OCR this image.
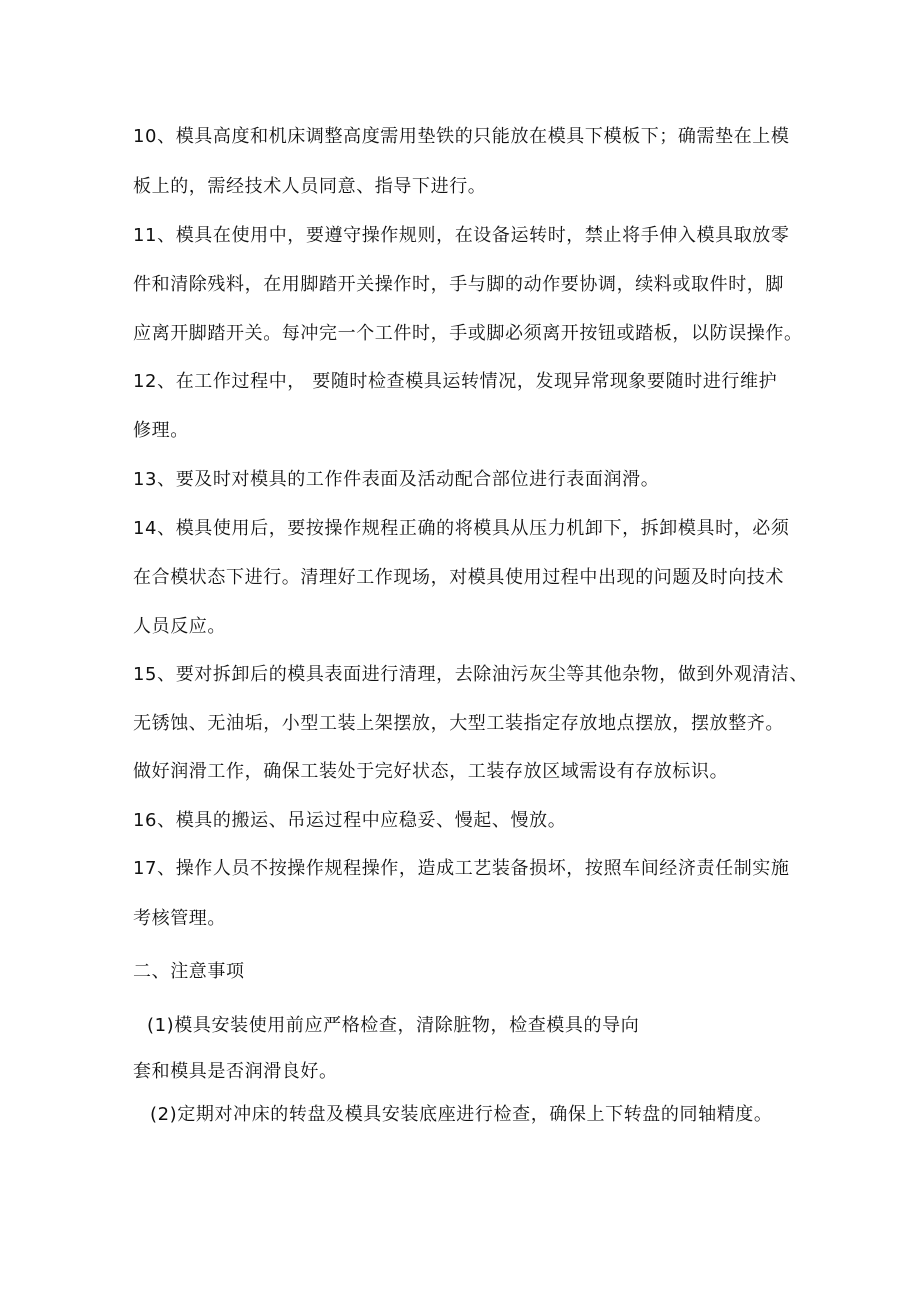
10、模具高度和机床调整高度需用垫铁的只能放在模具下模板下；确需垫在上模
板上的，需经技术人员同意、指导下进行。
11、模具在使用中，要遵守操作规则，在设备运转时，禁止将手伸入模具取放零
件和清除残料，在用脚踏开关操作时，手与脚的动作要协调，续料或取件时，脚
应离开脚踏开关。每冲完一个工件时，手或脚必须离开按钮或踏板，以防误操作。
12、在工作过程中， 要随时检查模具运转情况，发现异常现象要随时进行维护
修理。
13、要及时对模具的工作件表面及活动配合部位进行表面润滑。
14、模具使用后，要按操作规程正确的将模具从压力机卸下，拆卸模具时，必须
在合模状态下进行。清理好工作现场，对模具使用过程中出现的问题及时向技术
人员反应。
15、要对拆卸后的模具表面进行清理，去除油污灰尘等其他杂物，做到外观清洁、
无锈蚀、无油垢，小型工装上架摆放，大型工装指定存放地点摆放，摆放整齐。
做好润滑工作，确保工装处于完好状态，工装存放区域需设有存放标识。
16、模具的搬运、吊运过程中应稳妥、慢起、慢放。
17、操作人员不按操作规程操作，造成工艺装备损坏，按照车间经济责任制实施
考核管理。
二、注意事项
(1)模具安装使用前应严格检查，清除脏物，检查模具的导向
套和模具是否润滑良好。
(2)定期对冲床的转盘及模具安装底座进行检查，确保上下转盘的同轴精度。
